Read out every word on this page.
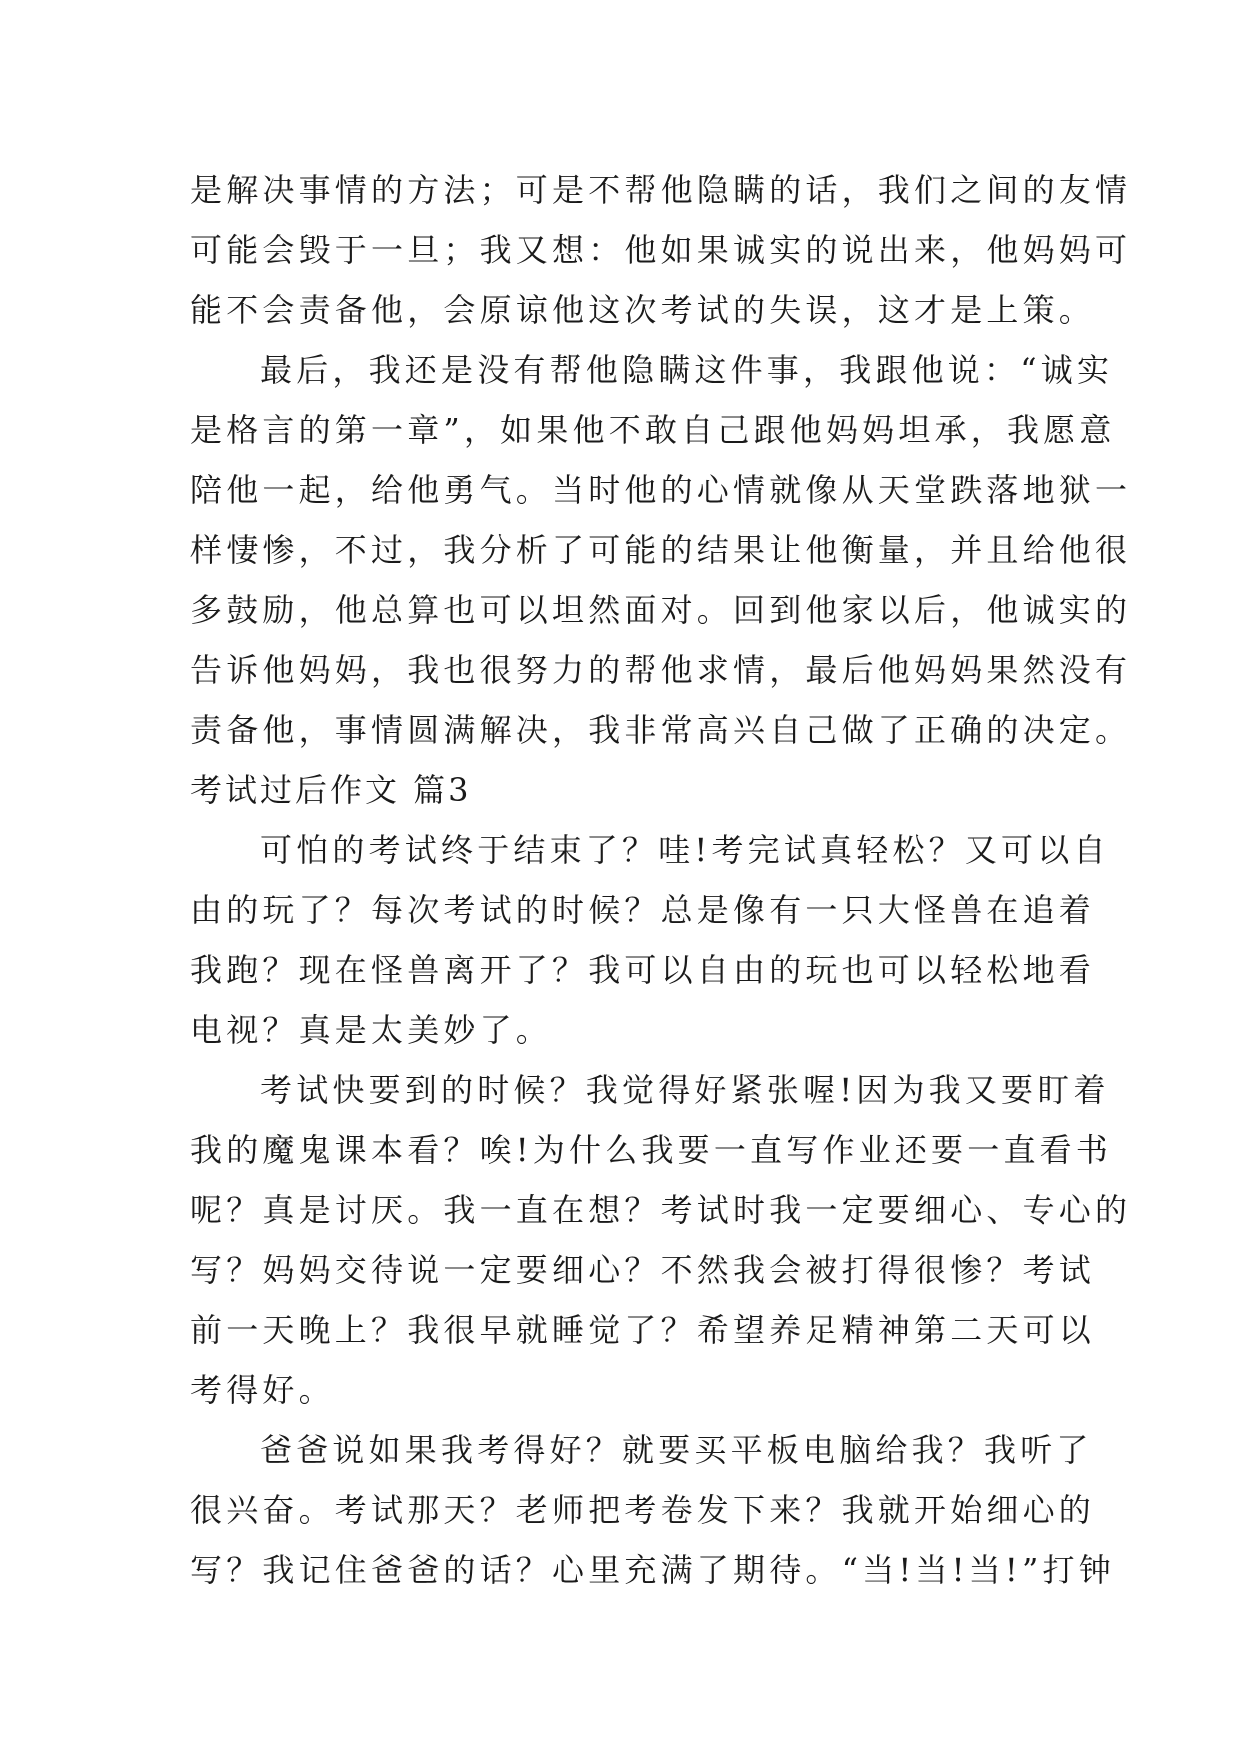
是解决事情的方法；可是不帮他隐瞒的话，我们之间的友情
可能会毁于一旦；我又想：他如果诚实的说出来，他妈妈可
能不会责备他，会原谅他这次考试的失误，这才是上策。
最后，我还是没有帮他隐瞒这件事，我跟他说：“诚实
是格言的第一章”，如果他不敢自己跟他妈妈坦承，我愿意
陪他一起，给他勇气。当时他的心情就像从天堂跌落地狱一
样悽惨，不过，我分析了可能的结果让他衡量，并且给他很
多鼓励，他总算也可以坦然面对。回到他家以后，他诚实的
告诉他妈妈，我也很努力的帮他求情，最后他妈妈果然没有
责备他，事情圆满解决，我非常高兴自己做了正确的决定。
考试过后作文 篇3
可怕的考试终于结束了？哇!考完试真轻松？又可以自
由的玩了？每次考试的时候？总是像有一只大怪兽在追着
我跑？现在怪兽离开了？我可以自由的玩也可以轻松地看
电视？真是太美妙了。
考试快要到的时候？我觉得好紧张喔!因为我又要盯着
我的魔鬼课本看？唉!为什么我要一直写作业还要一直看书
呢？真是讨厌。我一直在想？考试时我一定要细心、专心的
写？妈妈交待说一定要细心？不然我会被打得很惨？考试
前一天晚上？我很早就睡觉了？希望养足精神第二天可以
考得好。
爸爸说如果我考得好？就要买平板电脑给我？我听了
很兴奋。考试那天？老师把考卷发下来？我就开始细心的
写？我记住爸爸的话？心里充满了期待。“当!当!当!”打钟
